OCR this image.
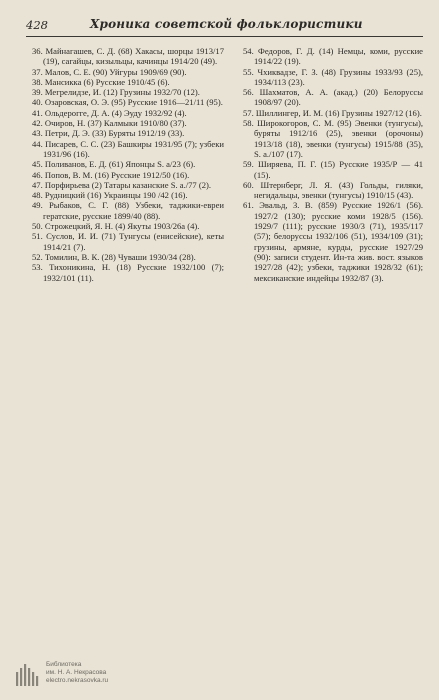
428	Хроника советской фольклористики
36. Майнагашев, С. Д. (68) Хакасы, шорцы 1913/17 (19), сагайцы, кизыльцы, качинцы 1914/20 (49).
37. Малов, С. Е. (90) Уйгуры 1909/69 (90).
38. Мансикка (6) Русские 1910/45 (6).
39. Мегрелидзе, И. (12) Грузины 1932/70 (12).
40. Озаровская, О. Э. (95) Русские 1916—21/11 (95).
41. Ольдерогге, Д. А. (4) Эуду 1932/92 (4).
42. Очиров, Н. (37) Калмыки 1910/80 (37).
43. Петри, Д. Э. (33) Буряты 1912/19 (33).
44. Писарев, С. С. (23) Башкиры 1931/95 (7); узбеки 1931/96 (16).
45. Поливанов, Е. Д. (61) Японцы S. a/23 (6).
46. Попов, В. М. (16) Русские 1912/50 (16).
47. Порфирьева (2) Татары казанские S. a./77 (2).
48. Рудницкий (16) Украинцы 190 /42 (16).
49. Рыбаков, С. Г. (88) Узбеки, таджики-евреи гератские, русские 1899/40 (88).
50. Строжецкий, Я. Н. (4) Якуты 1903/26а (4).
51. Суслов, И. И. (71) Тунгусы (енисейские), кеты 1914/21 (7).
52. Томилин, В. К. (28) Чуваши 1930/34 (28).
53. Тихоникина, Н. (18) Русские 1932/100 (7); 1932/101 (11).
54. Федоров, Г. Д. (14) Немцы, коми, русские 1914/22 (19).
55. Чхиквадзе, Г. З. (48) Грузины 1933/93 (25), 1934/113 (23).
56. Шахматов, А. А. (акад.) (20) Белоруссы 1908/97 (20).
57. Шиллингер, И. М. (16) Грузины 1927/12 (16).
58. Широкогоров, С. М. (95) Эвенки (тунгусы), буряты 1912/16 (25), эвенки (орочоны) 1913/18 (18), эвенки (тунгусы) 1915/88 (35), S. a./107 (17).
59. Ширяева, П. Г. (15) Русские 1935/Р — 41 (15).
60. Штернберг, Л. Я. (43) Гольды, гиляки, негидальцы, эвенки (тунгусы) 1910/15 (43).
61. Эвальд, З. В. (859) Русские 1926/1 (56). 1927/2 (130); русские коми 1928/5 (156). 1929/7 (111); русские 1930/3 (71), 1935/117 (57); белоруссы 1932/106 (51), 1934/109 (31); грузины, армяне, курды, русские 1927/29 (90): записи студент. Ин-та жив. вост. языков 1927/28 (42); узбеки, таджики 1928/32 (61); мексиканские индейцы 1932/87 (3).
Библиотека
им. Н. А. Некрасова
electro.nekrasovka.ru
